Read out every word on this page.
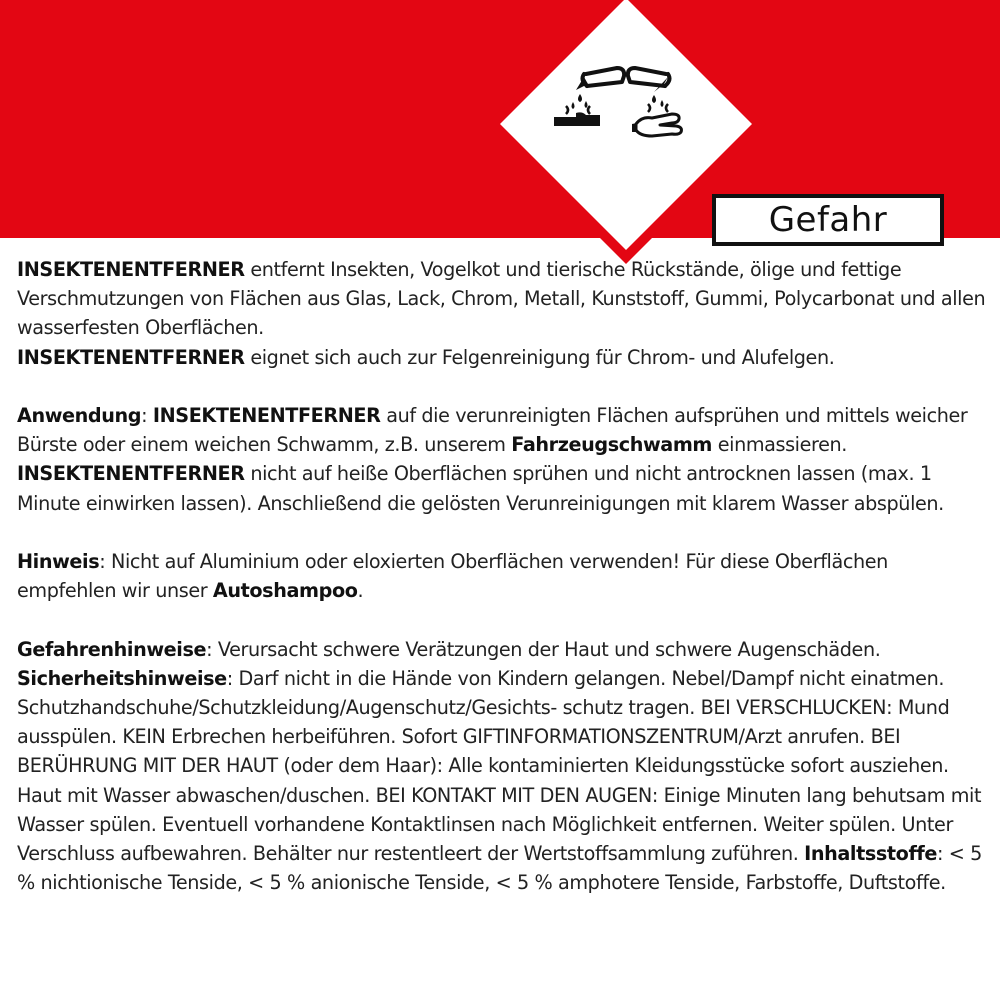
Gefahr

INSEKTENENTFERNER entfernt Insekten, Vogelkot und tierische Rückstände, ölige und fettige Verschmutzungen von Flächen aus Glas, Lack, Chrom, Metall, Kunststoff, Gummi, Polycarbonat und allen wasserfesten Oberflächen.

INSEKTENENTFERNER eignet sich auch zur Felgenreinigung für Chrom- und Alufelgen.

Anwendung: INSEKTENENTFERNER auf die verunreinigten Flächen aufsprühen und mittels weicher Bürste oder einem weichen Schwamm, z.B. unserem Fahrzeugschwamm einmassieren. INSEKTENENTFERNER nicht auf heiße Oberflächen sprühen und nicht antrocknen lassen (max. 1 Minute einwirken lassen). Anschließend die gelösten Verunreinigungen mit klarem Wasser abspülen.

Hinweis: Nicht auf Aluminium oder eloxierten Oberflächen verwenden! Für diese Oberflächen empfehlen wir unser Autoshampoo.

Gefahrenhinweise: Verursacht schwere Verätzungen der Haut und schwere Augenschäden. Sicherheitshinweise: Darf nicht in die Hände von Kindern gelangen. Nebel/Dampf nicht einatmen. Schutzhandschuhe/Schutzkleidung/Augenschutz/Gesichts- schutz tragen. BEI VERSCHLUCKEN: Mund ausspülen. KEIN Erbrechen herbeiführen. Sofort GIFTINFORMATIONSZENTRUM/Arzt anrufen. BEI BERÜHRUNG MIT DER HAUT (oder dem Haar): Alle kontaminierten Kleidungsstücke sofort ausziehen. Haut mit Wasser abwaschen/duschen. BEI KONTAKT MIT DEN AUGEN: Einige Minuten lang behutsam mit Wasser spülen. Eventuell vorhandene Kontaktlinsen nach Möglichkeit entfernen. Weiter spülen. Unter Verschluss aufbewahren. Behälter nur restentleert der Wertstoffsammlung zuführen. Inhaltsstoffe: < 5 % nichtionische Tenside, < 5 % anionische Tenside, < 5 % amphotere Tenside, Farbstoffe, Duftstoffe.
